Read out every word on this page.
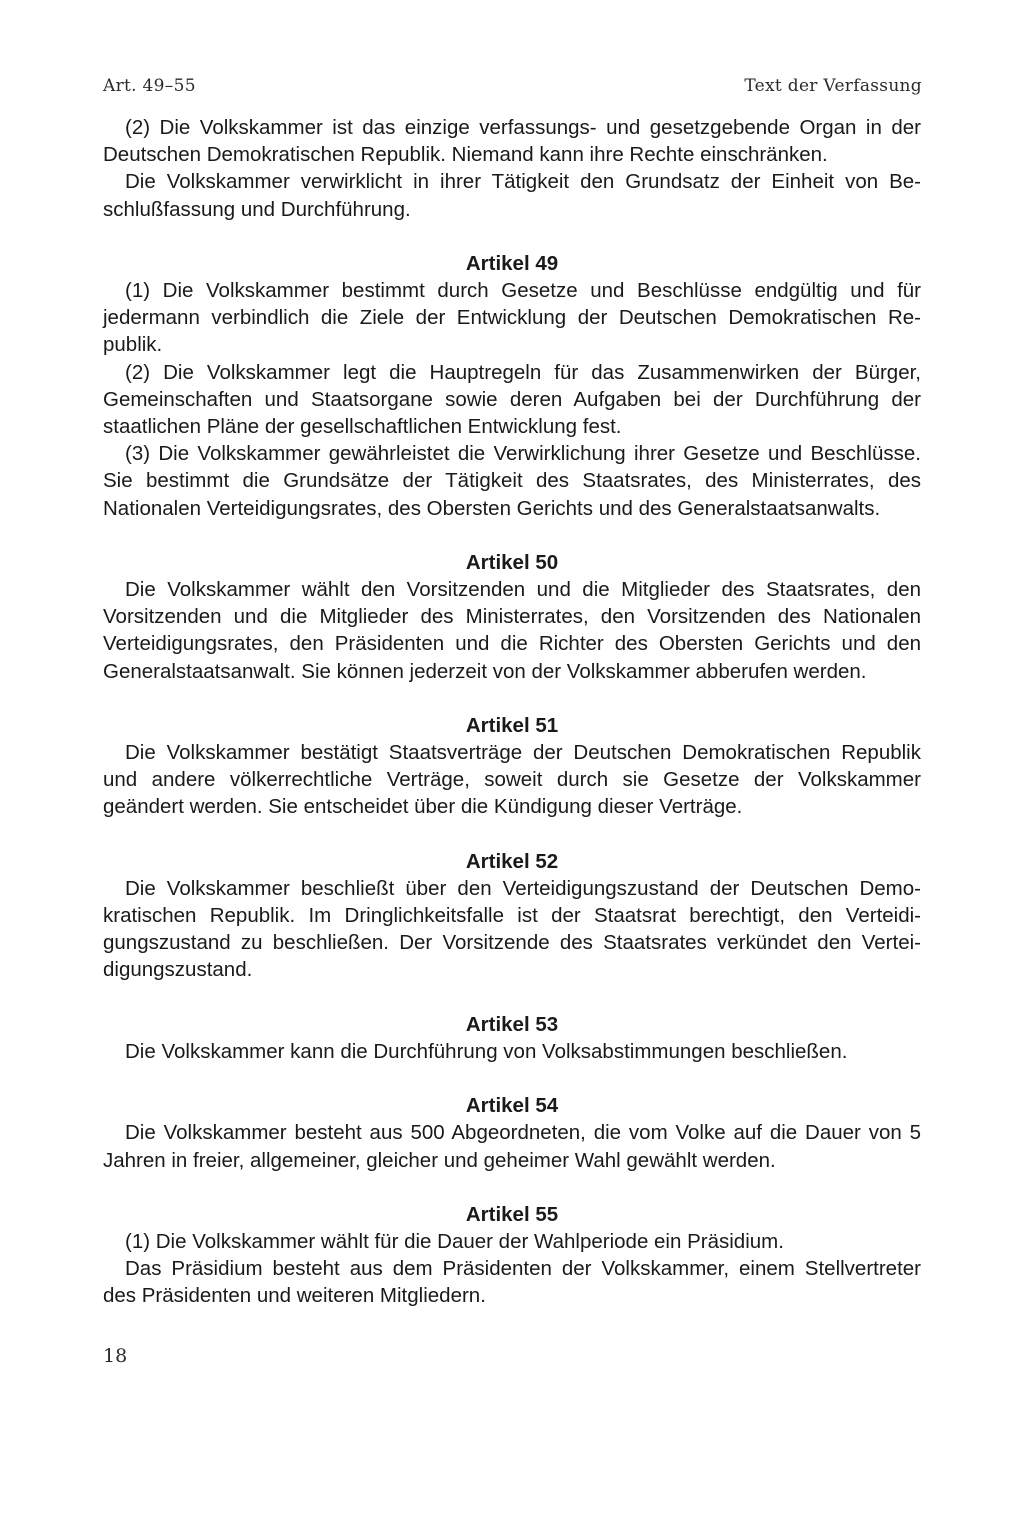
Art. 49–55	Text der Verfassung

(2) Die Volkskammer ist das einzige verfassungs- und gesetzgebende Organ in der Deutschen Demokratischen Republik. Niemand kann ihre Rechte einschränken.

Die Volkskammer verwirklicht in ihrer Tätigkeit den Grundsatz der Einheit von Beschlußfassung und Durchführung.

Artikel 49

(1) Die Volkskammer bestimmt durch Gesetze und Beschlüsse endgültig und für jedermann verbindlich die Ziele der Entwicklung der Deutschen Demokratischen Republik.

(2) Die Volkskammer legt die Hauptregeln für das Zusammenwirken der Bürger, Gemeinschaften und Staatsorgane sowie deren Aufgaben bei der Durchführung der staatlichen Pläne der gesellschaftlichen Entwicklung fest.

(3) Die Volkskammer gewährleistet die Verwirklichung ihrer Gesetze und Beschlüsse. Sie bestimmt die Grundsätze der Tätigkeit des Staatsrates, des Ministerrates, des Nationalen Verteidigungsrates, des Obersten Gerichts und des Generalstaatsanwalts.

Artikel 50

Die Volkskammer wählt den Vorsitzenden und die Mitglieder des Staatsrates, den Vorsitzenden und die Mitglieder des Ministerrates, den Vorsitzenden des Nationalen Verteidigungsrates, den Präsidenten und die Richter des Obersten Gerichts und den Generalstaatsanwalt. Sie können jederzeit von der Volkskammer abberufen werden.

Artikel 51

Die Volkskammer bestätigt Staatsverträge der Deutschen Demokratischen Republik und andere völkerrechtliche Verträge, soweit durch sie Gesetze der Volkskammer geändert werden. Sie entscheidet über die Kündigung dieser Verträge.

Artikel 52

Die Volkskammer beschließt über den Verteidigungszustand der Deutschen Demokratischen Republik. Im Dringlichkeitsfalle ist der Staatsrat berechtigt, den Verteidigungszustand zu beschließen. Der Vorsitzende des Staatsrates verkündet den Verteidigungszustand.

Artikel 53

Die Volkskammer kann die Durchführung von Volksabstimmungen beschließen.

Artikel 54

Die Volkskammer besteht aus 500 Abgeordneten, die vom Volke auf die Dauer von 5 Jahren in freier, allgemeiner, gleicher und geheimer Wahl gewählt werden.

Artikel 55

(1) Die Volkskammer wählt für die Dauer der Wahlperiode ein Präsidium.

Das Präsidium besteht aus dem Präsidenten der Volkskammer, einem Stellvertreter des Präsidenten und weiteren Mitgliedern.

18
